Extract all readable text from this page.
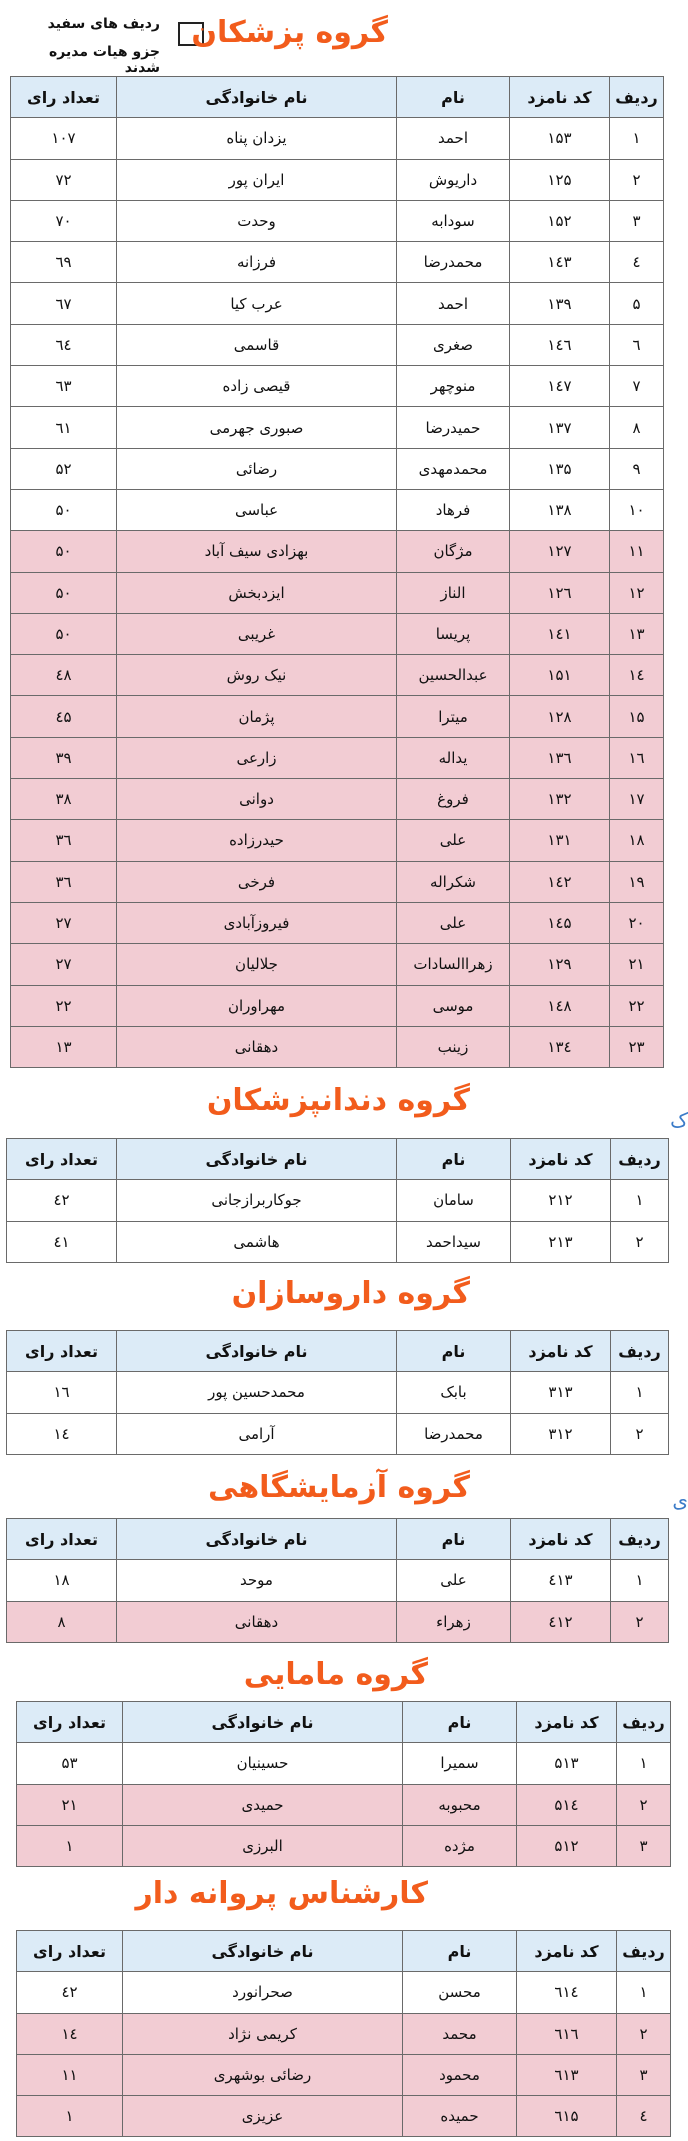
ردیف های سفید
جزو هیات مدیره شدند
ک
ی
گروه پزشکان
ردیف	کد نامزد	نام	نام خانوادگی	تعداد رای
۱	۱۵۳	احمد	یزدان پناه	۱۰۷
۲	۱۲۵	داریوش	ایران پور	۷۲
۳	۱۵۲	سودابه	وحدت	۷۰
٤	۱٤۳	محمدرضا	فرزانه	٦۹
۵	۱۳۹	احمد	عرب کیا	٦۷
٦	۱٤٦	صغری	قاسمی	٦٤
۷	۱٤۷	منوچهر	قیصی زاده	٦۳
۸	۱۳۷	حمیدرضا	صبوری جهرمی	٦۱
۹	۱۳۵	محمدمهدی	رضائی	۵۲
۱۰	۱۳۸	فرهاد	عباسی	۵۰
۱۱	۱۲۷	مژگان	بهزادی سیف آباد	۵۰
۱۲	۱۲٦	الناز	ایزدبخش	۵۰
۱۳	۱٤۱	پریسا	غریبی	۵۰
۱٤	۱۵۱	عبدالحسین	نیک روش	٤۸
۱۵	۱۲۸	میترا	پژمان	٤۵
۱٦	۱۳٦	یداله	زارعی	۳۹
۱۷	۱۳۲	فروغ	دوانی	۳۸
۱۸	۱۳۱	علی	حیدرزاده	۳٦
۱۹	۱٤۲	شکراله	فرخی	۳٦
۲۰	۱٤۵	علی	فیروزآبادی	۲۷
۲۱	۱۲۹	زهراالسادات	جلالیان	۲۷
۲۲	۱٤۸	موسی	مهراوران	۲۲
۲۳	۱۳٤	زینب	دهقانی	۱۳
گروه دندانپزشکان
ردیف	کد نامزد	نام	نام خانوادگی	تعداد رای
۱	۲۱۲	سامان	جوکاربرازجانی	٤۲
۲	۲۱۳	سیداحمد	هاشمی	٤۱
گروه داروسازان
ردیف	کد نامزد	نام	نام خانوادگی	تعداد رای
۱	۳۱۳	بابک	محمدحسین پور	۱٦
۲	۳۱۲	محمدرضا	آرامی	۱٤
گروه آزمایشگاهی
ردیف	کد نامزد	نام	نام خانوادگی	تعداد رای
۱	٤۱۳	علی	موحد	۱۸
۲	٤۱۲	زهراء	دهقانی	۸
گروه مامایی
ردیف	کد نامزد	نام	نام خانوادگی	تعداد رای
۱	۵۱۳	سمیرا	حسینیان	۵۳
۲	۵۱٤	محبوبه	حمیدی	۲۱
۳	۵۱۲	مژده	البرزی	۱
کارشناس پروانه دار
ردیف	کد نامزد	نام	نام خانوادگی	تعداد رای
۱	٦۱٤	محسن	صحرانورد	٤۲
۲	٦۱٦	محمد	کریمی نژاد	۱٤
۳	٦۱۳	محمود	رضائی بوشهری	۱۱
٤	٦۱۵	حمیده	عزیزی	۱
